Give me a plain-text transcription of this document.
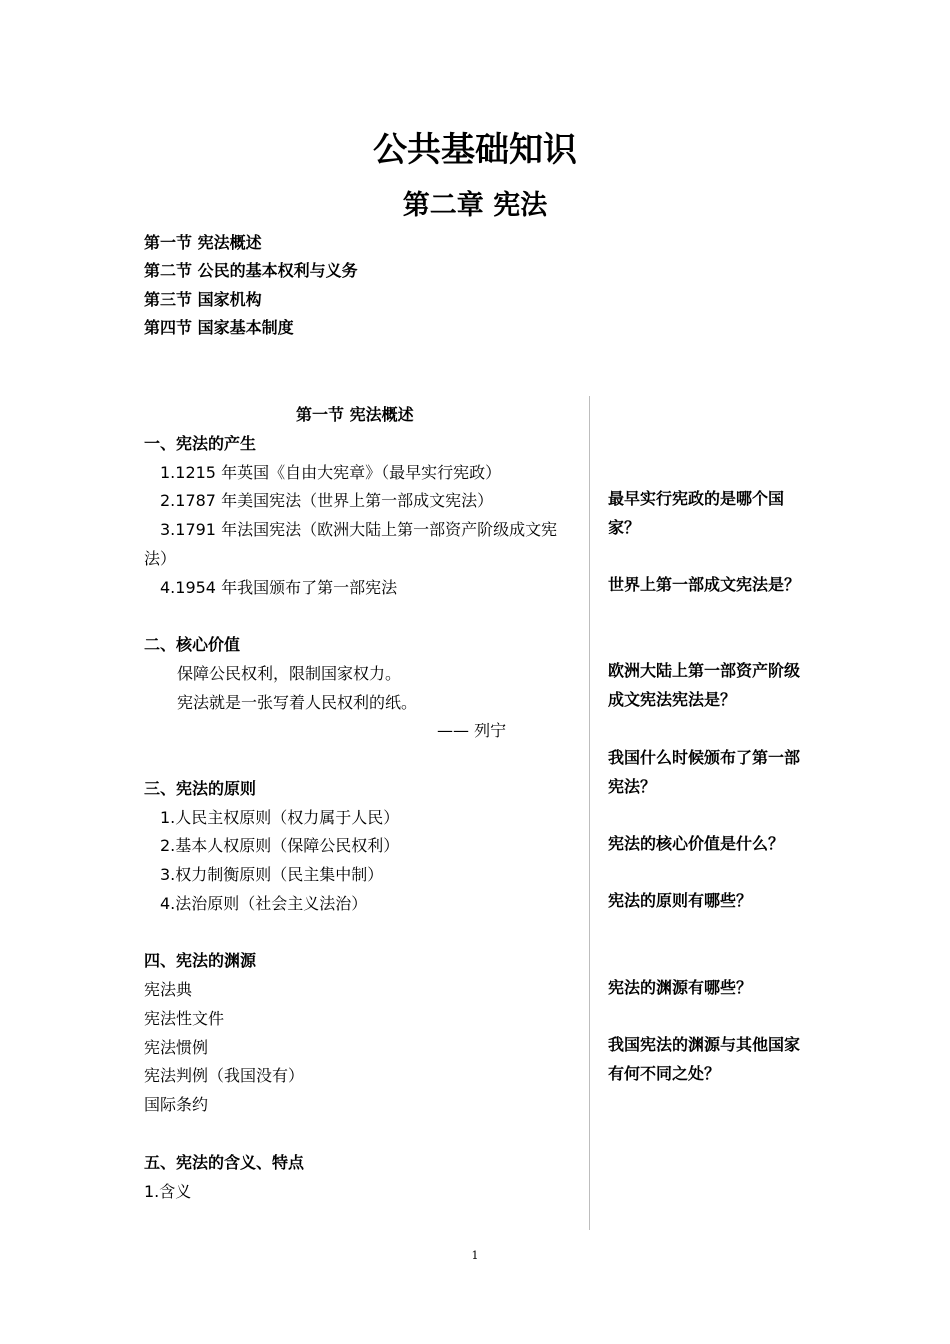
公共基础知识
第二章 宪法
第一节 宪法概述
第二节 公民的基本权利与义务
第三节 国家机构
第四节 国家基本制度
第一节 宪法概述
一、宪法的产生
1.1215 年英国《自由大宪章》（最早实行宪政）
2.1787 年美国宪法（世界上第一部成文宪法）
3.1791 年法国宪法（欧洲大陆上第一部资产阶级成文宪
法）
4.1954 年我国颁布了第一部宪法
二、核心价值
保障公民权利，限制国家权力。
宪法就是一张写着人民权利的纸。
—— 列宁
三、宪法的原则
1.人民主权原则（权力属于人民）
2.基本人权原则（保障公民权利）
3.权力制衡原则（民主集中制）
4.法治原则（社会主义法治）
四、宪法的渊源
宪法典
宪法性文件
宪法惯例
宪法判例（我国没有）
国际条约
五、宪法的含义、特点
1.含义
最早实行宪政的是哪个国家？
世界上第一部成文宪法是？
欧洲大陆上第一部资产阶级成文宪法宪法是？
我国什么时候颁布了第一部宪法？
宪法的核心价值是什么？
宪法的原则有哪些？
宪法的渊源有哪些？
我国宪法的渊源与其他国家有何不同之处？
1
